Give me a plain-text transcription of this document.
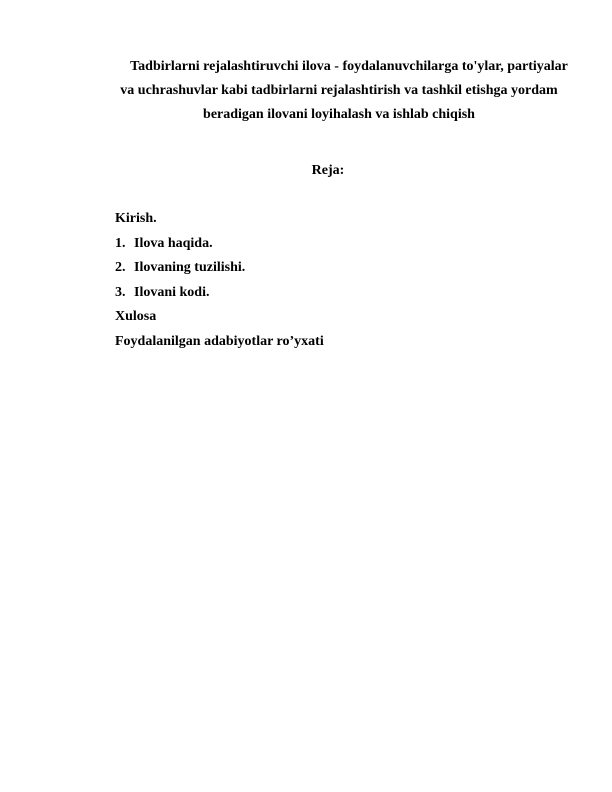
Tadbirlarni rejalashtiruvchi ilova - foydalanuvchilarga to'ylar, partiyalar
va uchrashuvlar kabi tadbirlarni rejalashtirish va tashkil etishga yordam
beradigan ilovani loyihalash va ishlab chiqish
Reja:
Kirish.
1. Ilova haqida.
2. Ilovaning tuzilishi.
3. Ilovani kodi.
Xulosa
Foydalanilgan adabiyotlar ro’yxati
